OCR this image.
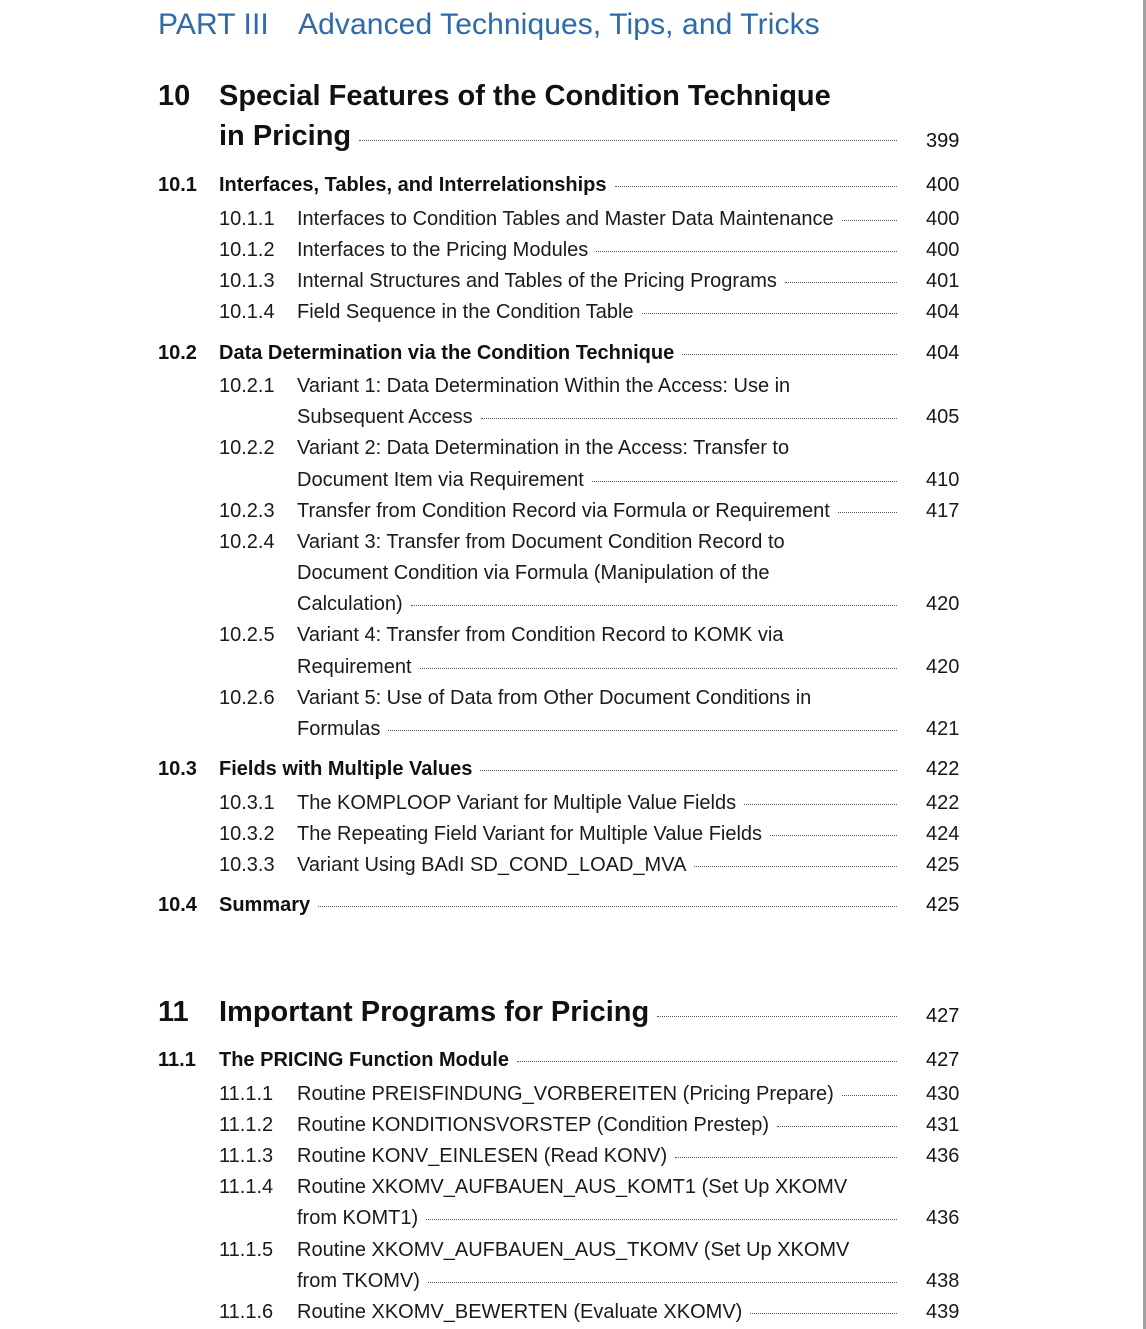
PART III Advanced Techniques, Tips, and Tricks
10 Special Features of the Condition Technique
in Pricing	399
10.1 Interfaces, Tables, and Interrelationships	400
10.1.1 Interfaces to Condition Tables and Master Data Maintenance	400
10.1.2 Interfaces to the Pricing Modules	400
10.1.3 Internal Structures and Tables of the Pricing Programs	401
10.1.4 Field Sequence in the Condition Table	404
10.2 Data Determination via the Condition Technique	404
10.2.1 Variant 1: Data Determination Within the Access: Use in
Subsequent Access	405
10.2.2 Variant 2: Data Determination in the Access: Transfer to
Document Item via Requirement	410
10.2.3 Transfer from Condition Record via Formula or Requirement	417
10.2.4 Variant 3: Transfer from Document Condition Record to
Document Condition via Formula (Manipulation of the
Calculation)	420
10.2.5 Variant 4: Transfer from Condition Record to KOMK via
Requirement	420
10.2.6 Variant 5: Use of Data from Other Document Conditions in
Formulas	421
10.3 Fields with Multiple Values	422
10.3.1 The KOMPLOOP Variant for Multiple Value Fields	422
10.3.2 The Repeating Field Variant for Multiple Value Fields	424
10.3.3 Variant Using BAdI SD_COND_LOAD_MVA	425
10.4 Summary	425
11 Important Programs for Pricing	427
11.1 The PRICING Function Module	427
11.1.1 Routine PREISFINDUNG_VORBEREITEN (Pricing Prepare)	430
11.1.2 Routine KONDITIONSVORSTEP (Condition Prestep)	431
11.1.3 Routine KONV_EINLESEN (Read KONV)	436
11.1.4 Routine XKOMV_AUFBAUEN_AUS_KOMT1 (Set Up XKOMV
from KOMT1)	436
11.1.5 Routine XKOMV_AUFBAUEN_AUS_TKOMV (Set Up XKOMV
from TKOMV)	438
11.1.6 Routine XKOMV_BEWERTEN (Evaluate XKOMV)	439
